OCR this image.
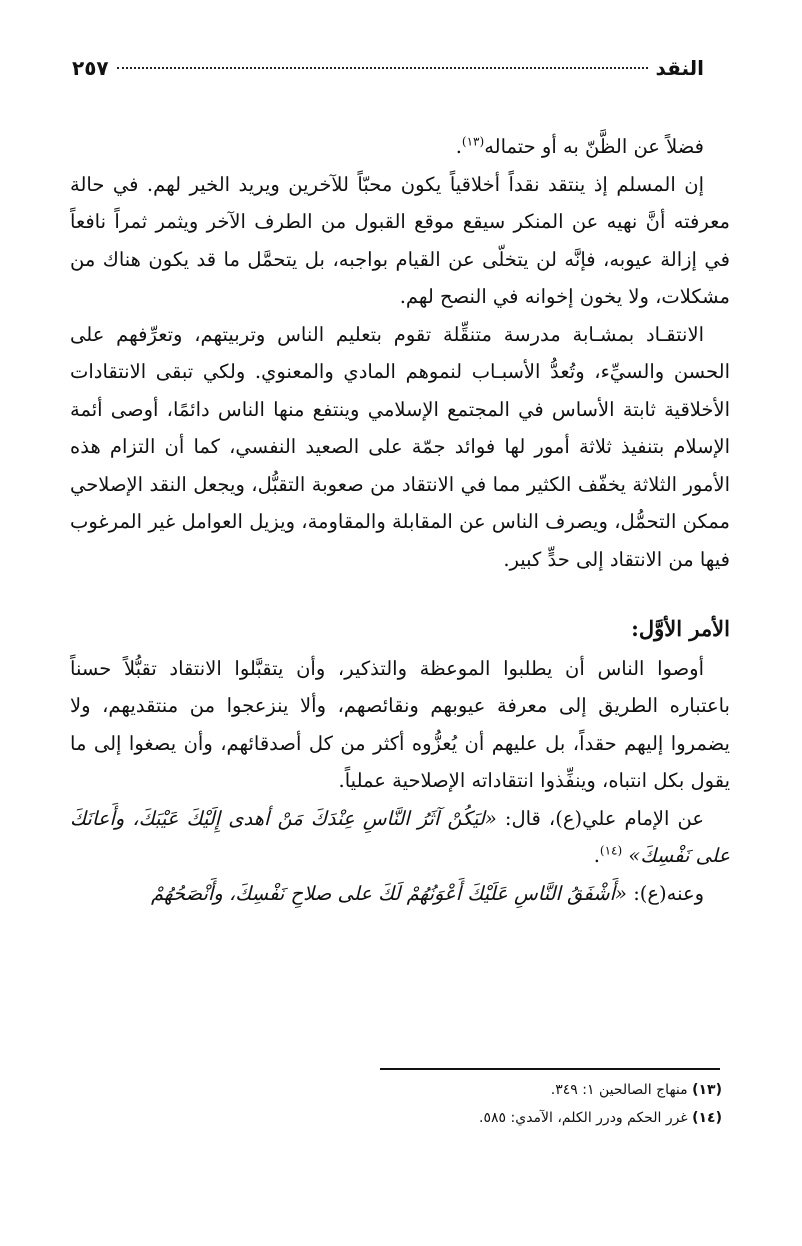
النقد
٢٥٧

فضلاً عن الظَّنّ به أو حتماله$^{(١٣)}$.

إن المسلم إذ ينتقد نقداً أخلاقياً يكون محبّاً للآخرين ويريد الخير لهم. في حالة معرفته أنَّ نهيه عن المنكر سيقع موقع القبول من الطرف الآخر ويثمر ثمراً نافعاً في إزالة عيوبه، فإنَّه لن يتخلّى عن القيام بواجبه، بل يتحمَّل ما قد يكون هناك من مشكلات، ولا يخون إخوانه في النصح لهم.

الانتقـاد بمشـابة مدرسة متنقِّلة تقوم بتعليم الناس وتربيتهم، وتعرِّفهم على الحسن والسيِّء، وتُعدُّ الأسبـاب لنموهم المادي والمعنوي. ولكي تبقى الانتقادات الأخلاقية ثابتة الأساس في المجتمع الإسلامي وينتفع منها الناس دائمًا، أوصى أئمة الإسلام بتنفيذ ثلاثة أمور لها فوائد جمّة على الصعيد النفسي، كما أن التزام هذه الأمور الثلاثة يخفّف الكثير مما في الانتقاد من صعوبة التقبُّل، ويجعل النقد الإصلاحي ممكن التحمُّل، ويصرف الناس عن المقابلة والمقاومة، ويزيل العوامل غير المرغوب فيها من الانتقاد إلى حدٍّ كبير.

الأمر الأوَّل:

أوصوا الناس أن يطلبوا الموعظة والتذكير، وأن يتقبَّلوا الانتقاد تقبُّلاً حسناً باعتباره الطريق إلى معرفة عيوبهم ونقائصهم، وألا ينزعجوا من منتقديهم، ولا يضمروا إليهم حقداً، بل عليهم أن يُعزُّوه أكثر من كل أصدقائهم، وأن يصغوا إلى ما يقول بكل انتباه، وينفِّذوا انتقاداته الإصلاحية عملياً.

عن الإمام علي(ع)، قال: «ليَكُنْ آثَرُ النَّاسِ عِنْدَكَ مَنْ أهدى إِلَيْكَ عَيْبَكَ، وأَعانَكَ على نَفْسِكَ» $^{(١٤)}$.

وعنه(ع): «أَشْفَقُ النَّاسِ عَلَيْكَ أَعْوَنُهُمْ لَكَ على صلاحِ نَفْسِكَ، وأَنْصَحُهُمْ

(١٣) منهاج الصالحين ١: ٣٤٩.

(١٤) غرر الحكم ودرر الكلم، الآمدي: ٥٨٥.
